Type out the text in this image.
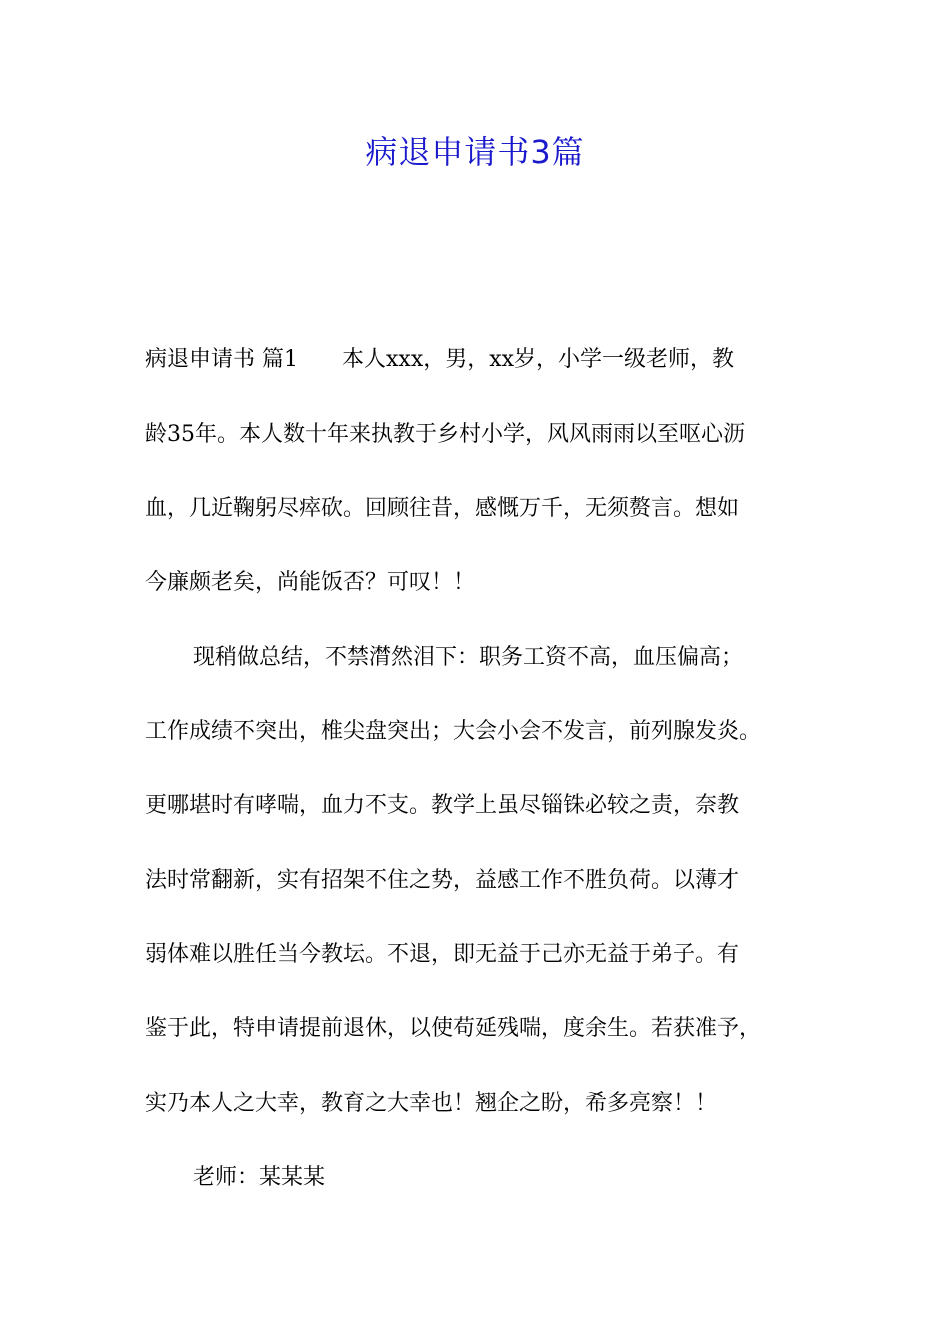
病退申请书3篇
病退申请书 篇1 本人xxx，男，xx岁，小学一级老师，教
龄35年。本人数十年来执教于乡村小学，风风雨雨以至呕心沥
血，几近鞠躬尽瘁砍。回顾往昔，感慨万千，无须赘言。想如
今廉颇老矣，尚能饭否？可叹！！
现稍做总结，不禁潸然泪下：职务工资不高，血压偏高；
工作成绩不突出，椎尖盘突出；大会小会不发言，前列腺发炎。
更哪堪时有哮喘，血力不支。教学上虽尽锱铢必较之责，奈教
法时常翻新，实有招架不住之势，益感工作不胜负荷。以薄才
弱体难以胜任当今教坛。不退，即无益于己亦无益于弟子。有
鉴于此，特申请提前退休，以使苟延残喘，度余生。若获准予，
实乃本人之大幸，教育之大幸也！翘企之盼，希多亮察！！
老师：某某某
